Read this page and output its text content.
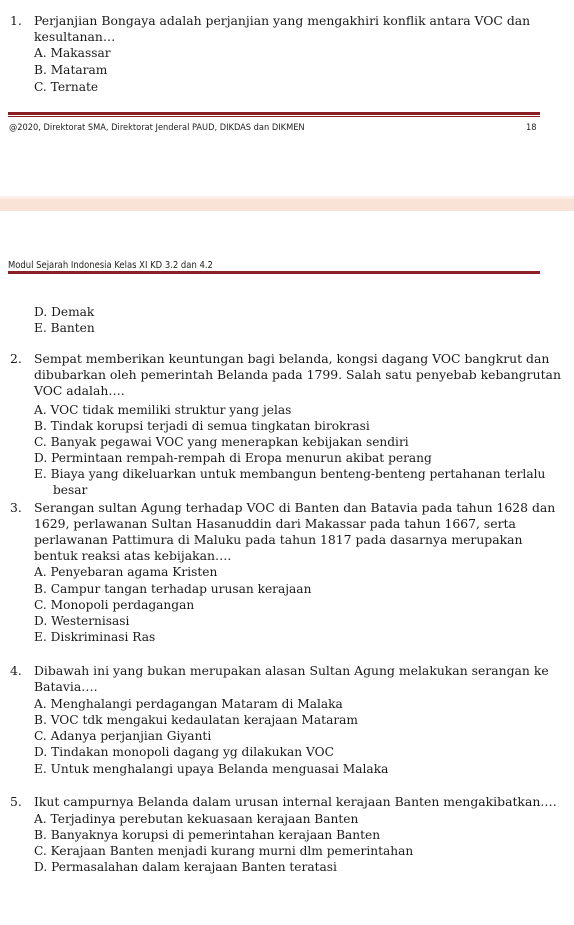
1. Perjanjian Bongaya adalah perjanjian yang mengakhiri konflik antara VOC dan
kesultanan…
A. Makassar
B. Mataram
C. Ternate
@2020, Direktorat SMA, Direktorat Jenderal PAUD, DIKDAS dan DIKMEN	18
Modul Sejarah Indonesia Kelas XI KD 3.2 dan 4.2
D. Demak
E. Banten
2. Sempat memberikan keuntungan bagi belanda, kongsi dagang VOC bangkrut dan
dibubarkan oleh pemerintah Belanda pada 1799. Salah satu penyebab kebangrutan
VOC adalah….
A. VOC tidak memiliki struktur yang jelas
B. Tindak korupsi terjadi di semua tingkatan birokrasi
C. Banyak pegawai VOC yang menerapkan kebijakan sendiri
D. Permintaan rempah-rempah di Eropa menurun akibat perang
E. Biaya yang dikeluarkan untuk membangun benteng-benteng pertahanan terlalu
besar
3. Serangan sultan Agung terhadap VOC di Banten dan Batavia pada tahun 1628 dan
1629, perlawanan Sultan Hasanuddin dari Makassar pada tahun 1667, serta
perlawanan Pattimura di Maluku pada tahun 1817 pada dasarnya merupakan
bentuk reaksi atas kebijakan….
A. Penyebaran agama Kristen
B. Campur tangan terhadap urusan kerajaan
C. Monopoli perdagangan
D. Westernisasi
E. Diskriminasi Ras
4. Dibawah ini yang bukan merupakan alasan Sultan Agung melakukan serangan ke
Batavia….
A. Menghalangi perdagangan Mataram di Malaka
B. VOC tdk mengakui kedaulatan kerajaan Mataram
C. Adanya perjanjian Giyanti
D. Tindakan monopoli dagang yg dilakukan VOC
E. Untuk menghalangi upaya Belanda menguasai Malaka
5. Ikut campurnya Belanda dalam urusan internal kerajaan Banten mengakibatkan….
A. Terjadinya perebutan kekuasaan kerajaan Banten
B. Banyaknya korupsi di pemerintahan kerajaan Banten
C. Kerajaan Banten menjadi kurang murni dlm pemerintahan
D. Permasalahan dalam kerajaan Banten teratasi
